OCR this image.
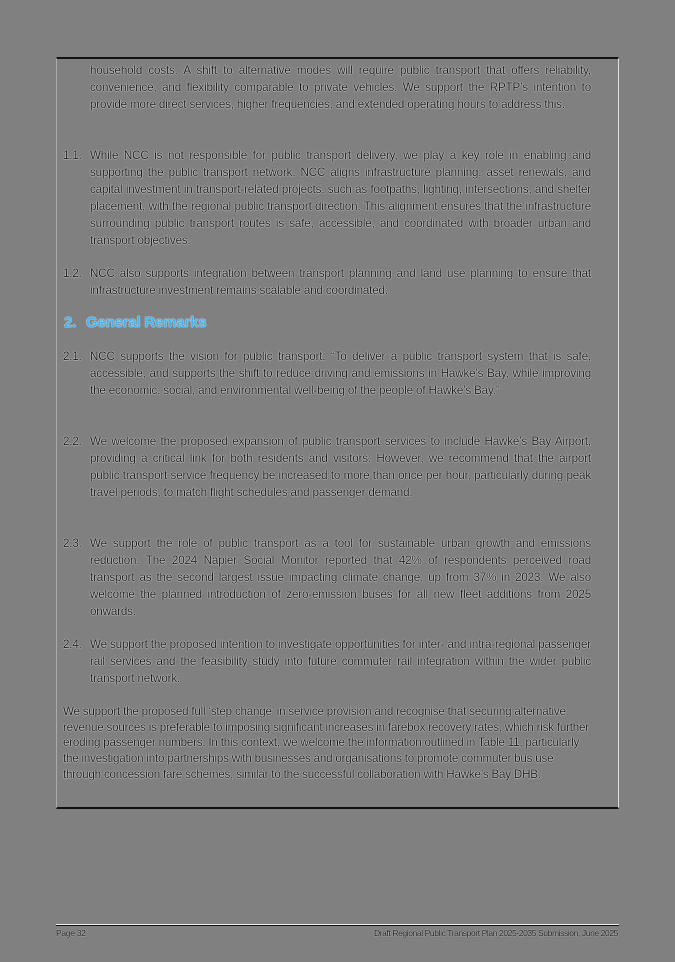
household costs. A shift to alternative modes will require public transport that offers reliability, convenience, and flexibility comparable to private vehicles. We support the RPTP’s intention to provide more direct services, higher frequencies, and extended operating hours to address this.
1.1. While NCC is not responsible for public transport delivery, we play a key role in enabling and supporting the public transport network. NCC aligns infrastructure planning, asset renewals, and capital investment in transport-related projects, such as footpaths, lighting, intersections, and shelter placement, with the regional public transport direction. This alignment ensures that the infrastructure surrounding public transport routes is safe, accessible, and coordinated with broader urban and transport objectives.
1.2. NCC also supports integration between transport planning and land use planning to ensure that infrastructure investment remains scalable and coordinated.
2. General Remarks
2.1. NCC supports the vision for public transport: “To deliver a public transport system that is safe, accessible, and supports the shift to reduce driving and emissions in Hawke’s Bay, while improving the economic, social, and environmental well-being of the people of Hawke’s Bay.”
2.2. We welcome the proposed expansion of public transport services to include Hawke’s Bay Airport, providing a critical link for both residents and visitors. However, we recommend that the airport public transport service frequency be increased to more than once per hour, particularly during peak travel periods, to match flight schedules and passenger demand.
2.3. We support the role of public transport as a tool for sustainable urban growth and emissions reduction. The 2024 Napier Social Monitor reported that 42% of respondents perceived road transport as the second largest issue impacting climate change, up from 37% in 2023. We also welcome the planned introduction of zero-emission buses for all new fleet additions from 2025 onwards.
2.4. We support the proposed intention to investigate opportunities for inter- and intra-regional passenger rail services and the feasibility study into future commuter rail integration within the wider public transport network.
We support the proposed full ‘step change’ in service provision and recognise that securing alternative revenue sources is preferable to imposing significant increases in farebox recovery rates, which risk further eroding passenger numbers. In this context, we welcome the information outlined in Table 11, particularly the investigation into partnerships with businesses and organisations to promote commuter bus use through concession fare schemes, similar to the successful collaboration with Hawke’s Bay DHB.
Page 32	Draft Regional Public Transport Plan 2025-2035 Submission, June 2025
